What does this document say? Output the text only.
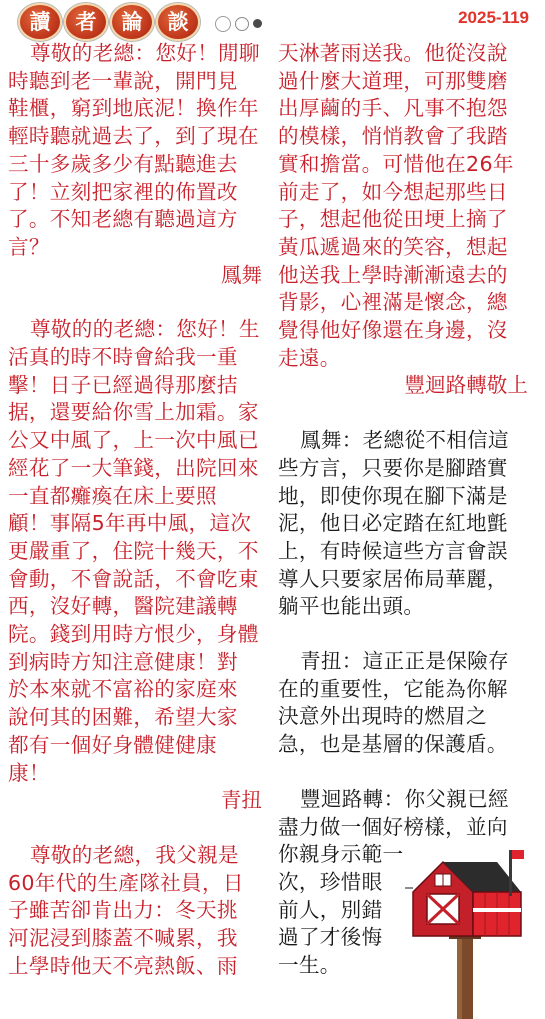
讀	者	論	談	2025-119
尊敬的老總：您好！閒聊
時聽到老一輩說，開門見
鞋櫃，窮到地底泥！換作年
輕時聽就過去了，到了現在
三十多歲多少有點聽進去
了！立刻把家裡的佈置改
了。不知老總有聽過這方
言？
鳳舞
尊敬的的老總：您好！生
活真的時不時會給我一重
擊！日子已經過得那麼拮
据，還要給你雪上加霜。家
公又中風了，上一次中風已
經花了一大筆錢，出院回來
一直都癱瘓在床上要照
顧！事隔5年再中風，這次
更嚴重了，住院十幾天，不
會動，不會說話，不會吃東
西，沒好轉，醫院建議轉
院。錢到用時方恨少，身體
到病時方知注意健康！對
於本來就不富裕的家庭來
說何其的困難，希望大家
都有一個好身體健健康
康！
青扭
尊敬的老總，我父親是
60年代的生產隊社員，日
子雖苦卻肯出力：冬天挑
河泥浸到膝蓋不喊累，我
上學時他天不亮熱飯、雨
天淋著雨送我。他從沒說
過什麼大道理，可那雙磨
出厚繭的手、凡事不抱怨
的模樣，悄悄教會了我踏
實和擔當。可惜他在26年
前走了，如今想起那些日
子，想起他從田埂上摘了
黃瓜遞過來的笑容，想起
他送我上學時漸漸遠去的
背影，心裡滿是懷念，總
覺得他好像還在身邊，沒
走遠。
豐迴路轉敬上
鳳舞：老總從不相信這
些方言，只要你是腳踏實
地，即使你現在腳下滿是
泥，他日必定踏在紅地氈
上，有時候這些方言會誤
導人只要家居佈局華麗，
躺平也能出頭。
青扭：這正正是保險存
在的重要性，它能為你解
決意外出現時的燃眉之
急，也是基層的保護盾。
豐迴路轉：你父親已經
盡力做一個好榜樣，並向
你親身示範一
次，珍惜眼
前人，別錯
過了才後悔
一生。
